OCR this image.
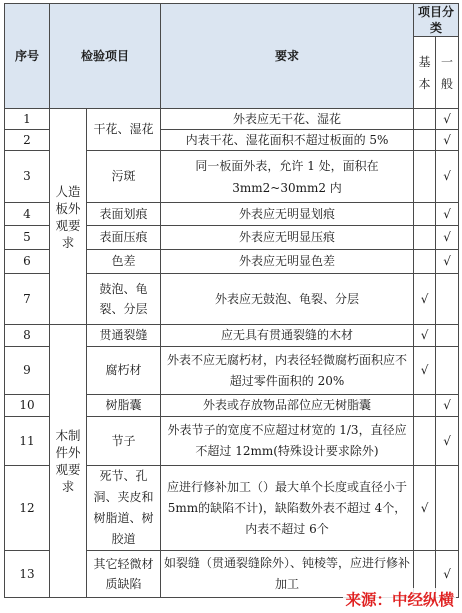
序号	检验项目		要求	项目分类	
				基本	一般
1	人造板外观要求	干花、湿花	外表应无干花、湿花		√
2			内表干花、湿花面积不超过板面的 5%		√
3		污斑	同一板面外表，允许 1 处，面积在 3mm2~30mm2 内		√
4		表面划痕	外表应无明显划痕		√
5		表面压痕	外表应无明显压痕		√
6		色差	外表应无明显色差		√
7		鼓泡、龟裂、分层	外表应无鼓泡、龟裂、分层	√	
8	木制件外观要求	贯通裂缝	应无具有贯通裂缝的木材	√	
9		腐朽材	外表不应无腐朽材，内表径轻微腐朽面积应不超过零件面积的 20%	√	
10		树脂囊	外表或存放物品部位应无树脂囊		√
11		节子	外表节子的宽度不应超过材宽的 1/3，直径应不超过 12mm(特殊设计要求除外)		√
12		死节、孔洞、夹皮和树脂道、树胶道	应进行修补加工（）最大单个长度或直径小于 5mm的缺陷不计)，缺陷数外表不超过 4个，内表不超过 6个	√	
13		其它轻微材质缺陷	如裂缝（贯通裂缝除外）、钝棱等，应进行修补加工		√
来源：中经纵横
